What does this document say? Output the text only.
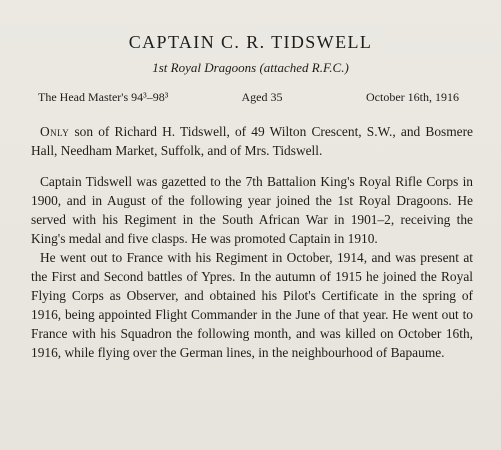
CAPTAIN C. R. TIDSWELL
1st Royal Dragoons (attached R.F.C.)
The Head Master's 94³–98³	Aged 35	October 16th, 1916

Only son of Richard H. Tidswell, of 49 Wilton Crescent, S.W., and Bosmere Hall, Needham Market, Suffolk, and of Mrs. Tidswell.

Captain Tidswell was gazetted to the 7th Battalion King's Royal Rifle Corps in 1900, and in August of the following year joined the 1st Royal Dragoons. He served with his Regiment in the South African War in 1901–2, receiving the King's medal and five clasps. He was promoted Captain in 1910.

He went out to France with his Regiment in October, 1914, and was present at the First and Second battles of Ypres. In the autumn of 1915 he joined the Royal Flying Corps as Observer, and obtained his Pilot's Certificate in the spring of 1916, being appointed Flight Commander in the June of that year. He went out to France with his Squadron the following month, and was killed on October 16th, 1916, while flying over the German lines, in the neighbourhood of Bapaume.
